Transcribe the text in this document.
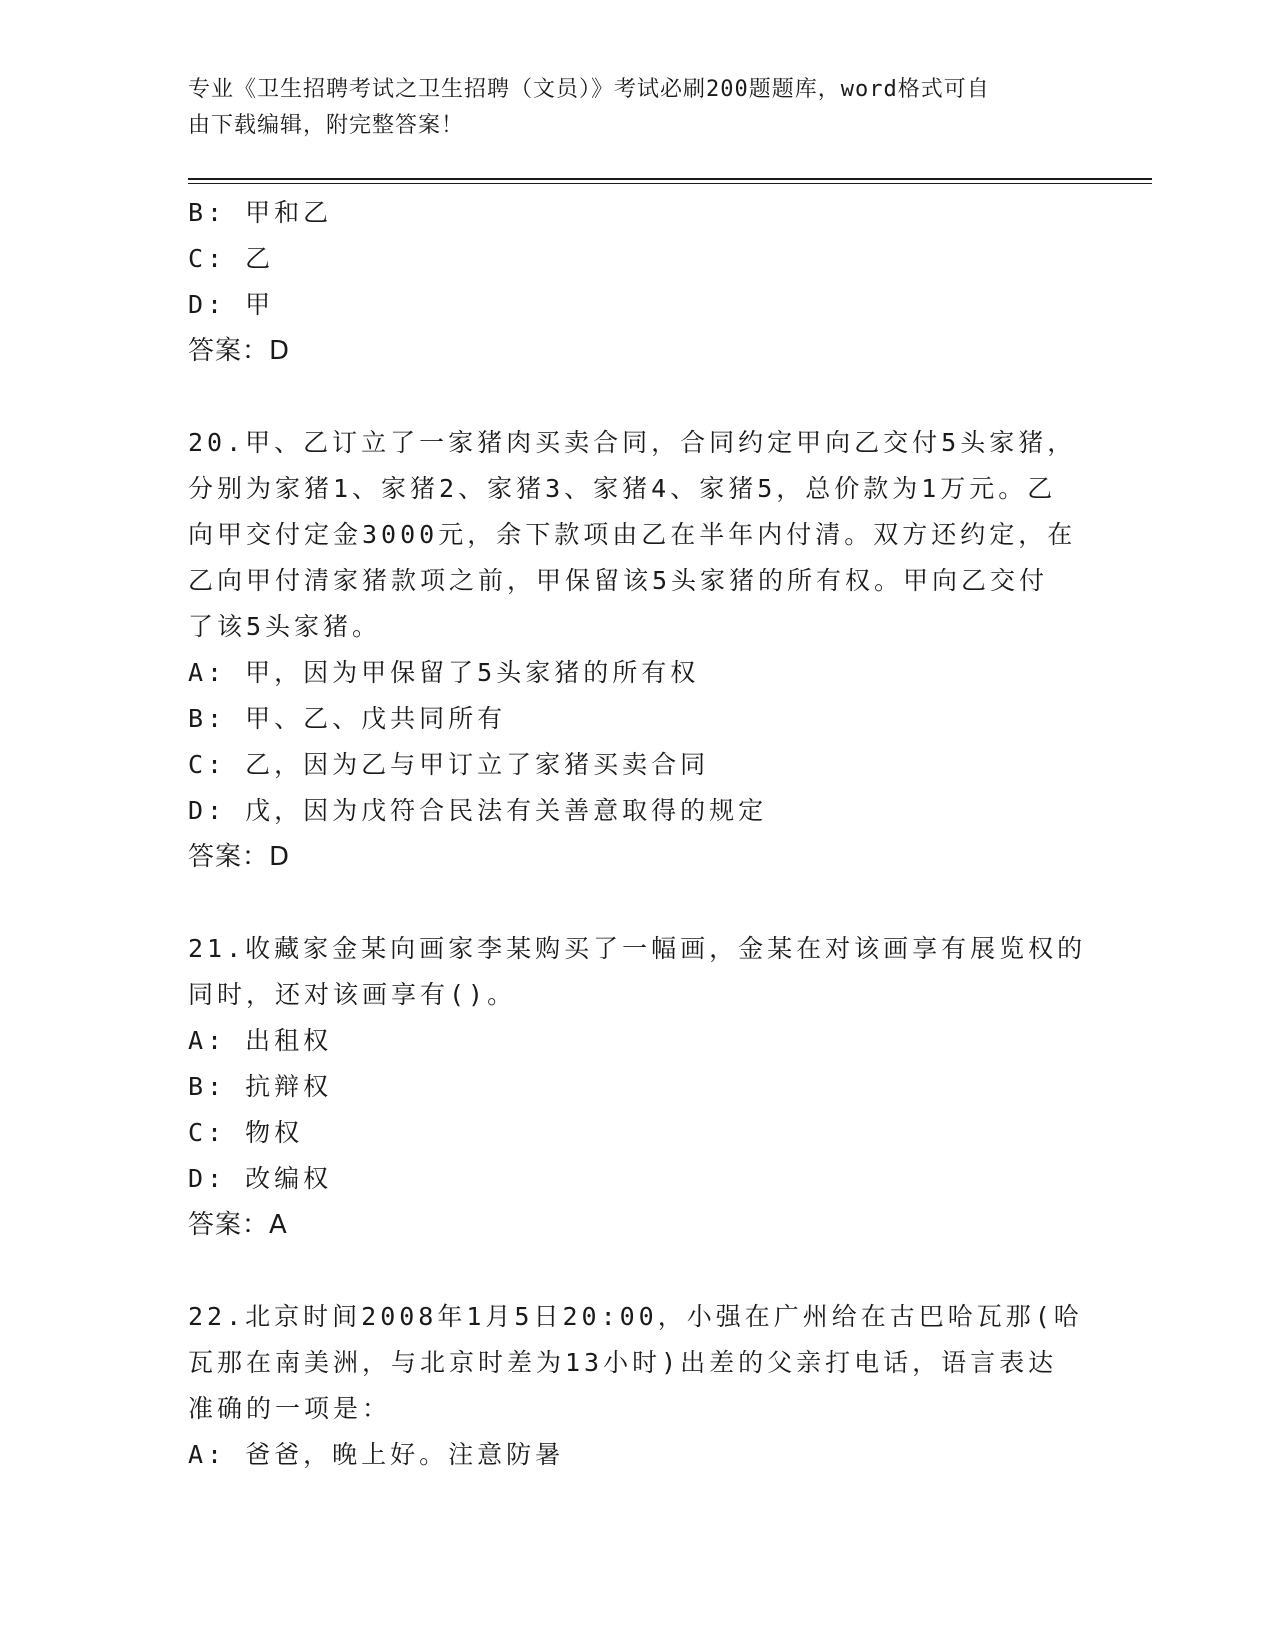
专业《卫生招聘考试之卫生招聘（文员）》考试必刷200题题库，word格式可自
由下载编辑，附完整答案！
B: 甲和乙
C: 乙
D: 甲
答案：D
20.甲、乙订立了一家猪肉买卖合同，合同约定甲向乙交付5头家猪，
分别为家猪1、家猪2、家猪3、家猪4、家猪5，总价款为1万元。乙
向甲交付定金3000元，余下款项由乙在半年内付清。双方还约定，在
乙向甲付清家猪款项之前，甲保留该5头家猪的所有权。甲向乙交付
了该5头家猪。
A: 甲，因为甲保留了5头家猪的所有权
B: 甲、乙、戊共同所有
C: 乙，因为乙与甲订立了家猪买卖合同
D: 戊，因为戊符合民法有关善意取得的规定
答案：D
21.收藏家金某向画家李某购买了一幅画，金某在对该画享有展览权的
同时，还对该画享有()。
A: 出租权
B: 抗辩权
C: 物权
D: 改编权
答案：A
22.北京时间2008年1月5日20:00，小强在广州给在古巴哈瓦那(哈
瓦那在南美洲，与北京时差为13小时)出差的父亲打电话，语言表达
准确的一项是：
A: 爸爸，晚上好。注意防暑
